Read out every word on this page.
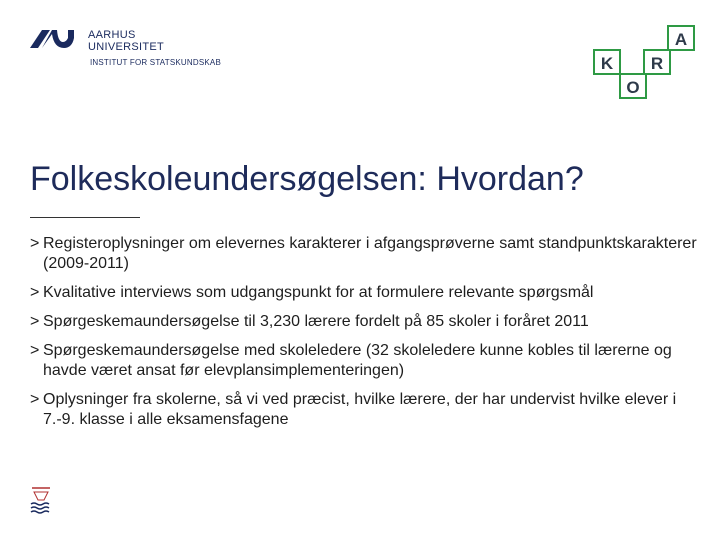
AARHUS
UNIVERSITET
INSTITUT FOR STATSKUNDSKAB	K
O
R
A
Folkeskoleundersøgelsen: Hvordan?
> Registeroplysninger om elevernes karakterer i afgangsprøverne samt standpunktskarakterer (2009-2011)
> Kvalitative interviews som udgangspunkt for at formulere relevante spørgsmål
> Spørgeskemaundersøgelse til 3,230 lærere fordelt på 85 skoler i foråret 2011
> Spørgeskemaundersøgelse med skoleledere (32 skoleledere kunne kobles til lærerne og havde været ansat før elevplansimplementeringen)
> Oplysninger fra skolerne, så vi ved præcist, hvilke lærere, der har undervist hvilke elever i 7.-9. klasse i alle eksamensfagene
